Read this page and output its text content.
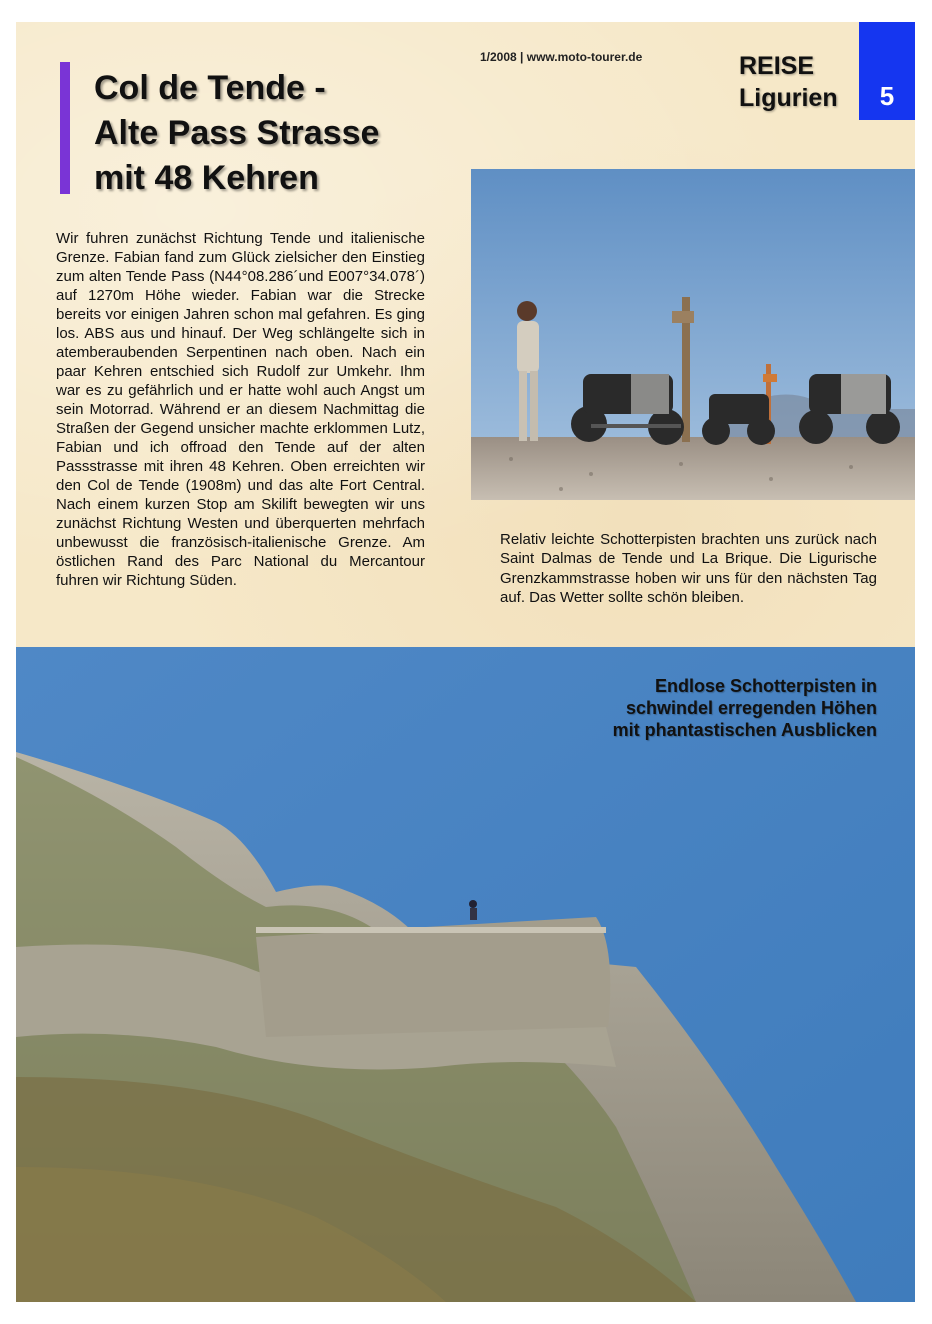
Col de Tende -
Alte Pass Strasse
mit 48 Kehren
1/2008 | www.moto-tourer.de	REISE
Ligurien 5

Wir fuhren zunächst Richtung Tende und italienische Grenze. Fabian fand zum Glück zielsicher den Einstieg zum alten Tende Pass (N44°08.286´und E007°34.078´) auf 1270m Höhe wieder. Fabian war die Strecke bereits vor einigen Jahren schon mal gefahren. Es ging los. ABS aus und hinauf. Der Weg schlängelte sich in atemberaubenden Serpentinen nach oben. Nach ein paar Kehren entschied sich Rudolf zur Umkehr. Ihm war es zu gefährlich und er hatte wohl auch Angst um sein Motorrad. Während er an diesem Nachmittag die Straßen der Gegend unsicher machte erklommen Lutz, Fabian und ich offroad den Tende auf der alten Passstrasse mit ihren 48 Kehren. Oben erreichten wir den Col de Tende (1908m) und das alte Fort Central. Nach einem kurzen Stop am Skilift bewegten wir uns zunächst Richtung Westen und überquerten mehrfach unbewusst die französisch-italienische Grenze. Am östlichen Rand des Parc National du Mercantour fuhren wir Richtung Süden.

Relativ leichte Schotterpisten brachten uns zurück nach Saint Dalmas de Tende und La Brique. Die Ligurische Grenzkammstrasse hoben wir uns für den nächsten Tag auf. Das Wetter sollte schön bleiben.

Endlose Schotterpisten in
schwindel erregenden Höhen
mit phantastischen Ausblicken
